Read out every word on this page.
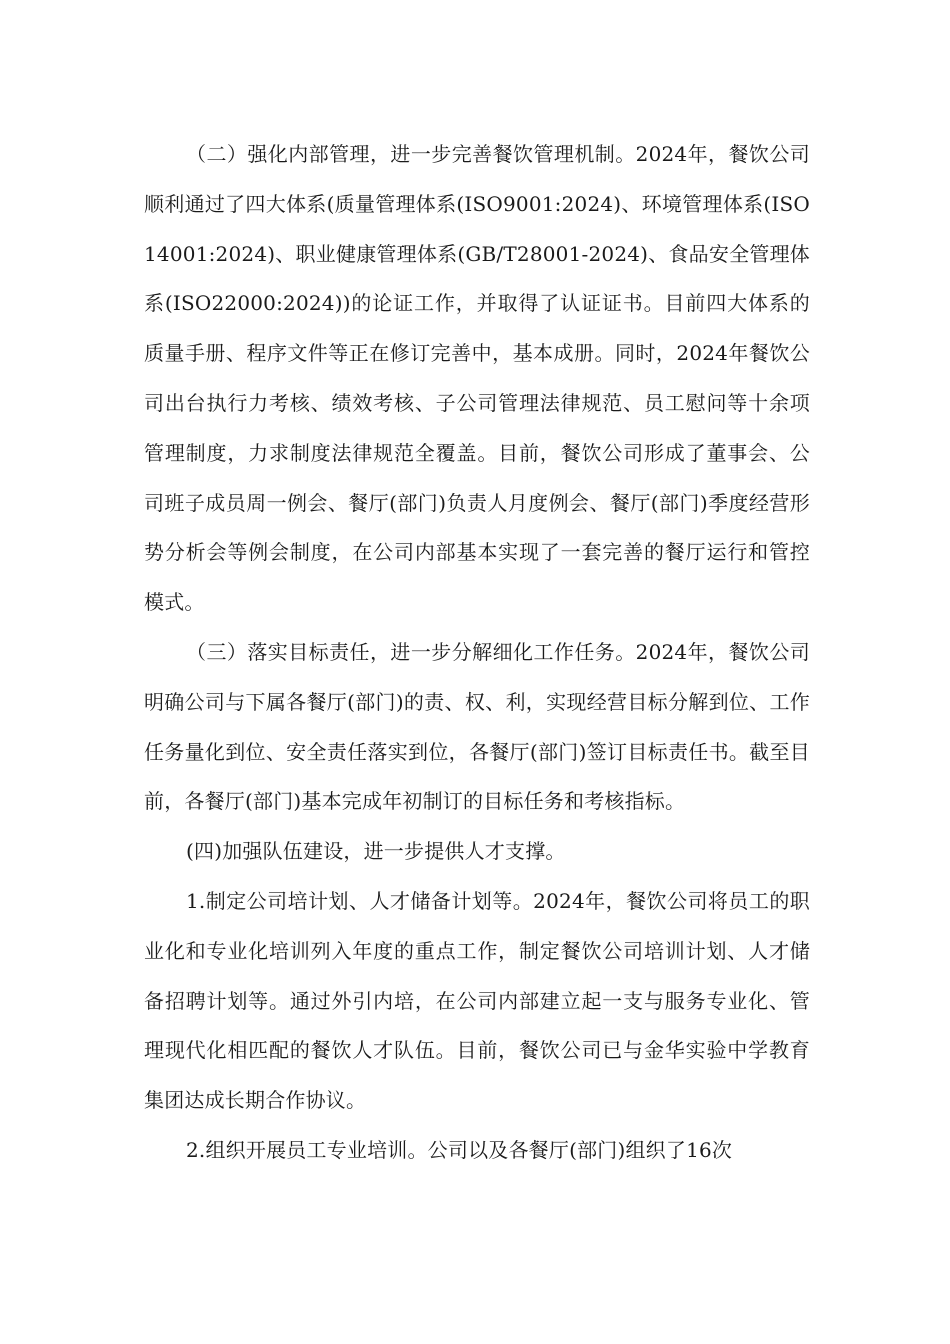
（二）强化内部管理，进一步完善餐饮管理机制。2024年，餐饮公司顺利通过了四大体系(质量管理体系(ISO9001:2024)、环境管理体系(ISO14001:2024)、职业健康管理体系(GB/T28001-2024)、食品安全管理体系(ISO22000:2024))的论证工作，并取得了认证证书。目前四大体系的质量手册、程序文件等正在修订完善中，基本成册。同时，2024年餐饮公司出台执行力考核、绩效考核、子公司管理法律规范、员工慰问等十余项管理制度，力求制度法律规范全覆盖。目前，餐饮公司形成了董事会、公司班子成员周一例会、餐厅(部门)负责人月度例会、餐厅(部门)季度经营形势分析会等例会制度，在公司内部基本实现了一套完善的餐厅运行和管控模式。

（三）落实目标责任，进一步分解细化工作任务。2024年，餐饮公司明确公司与下属各餐厅(部门)的责、权、利，实现经营目标分解到位、工作任务量化到位、安全责任落实到位，各餐厅(部门)签订目标责任书。截至目前，各餐厅(部门)基本完成年初制订的目标任务和考核指标。

(四)加强队伍建设，进一步提供人才支撑。

1.制定公司培计划、人才储备计划等。2024年，餐饮公司将员工的职业化和专业化培训列入年度的重点工作，制定餐饮公司培训计划、人才储备招聘计划等。通过外引内培，在公司内部建立起一支与服务专业化、管理现代化相匹配的餐饮人才队伍。目前，餐饮公司已与金华实验中学教育集团达成长期合作协议。

2.组织开展员工专业培训。公司以及各餐厅(部门)组织了16次
